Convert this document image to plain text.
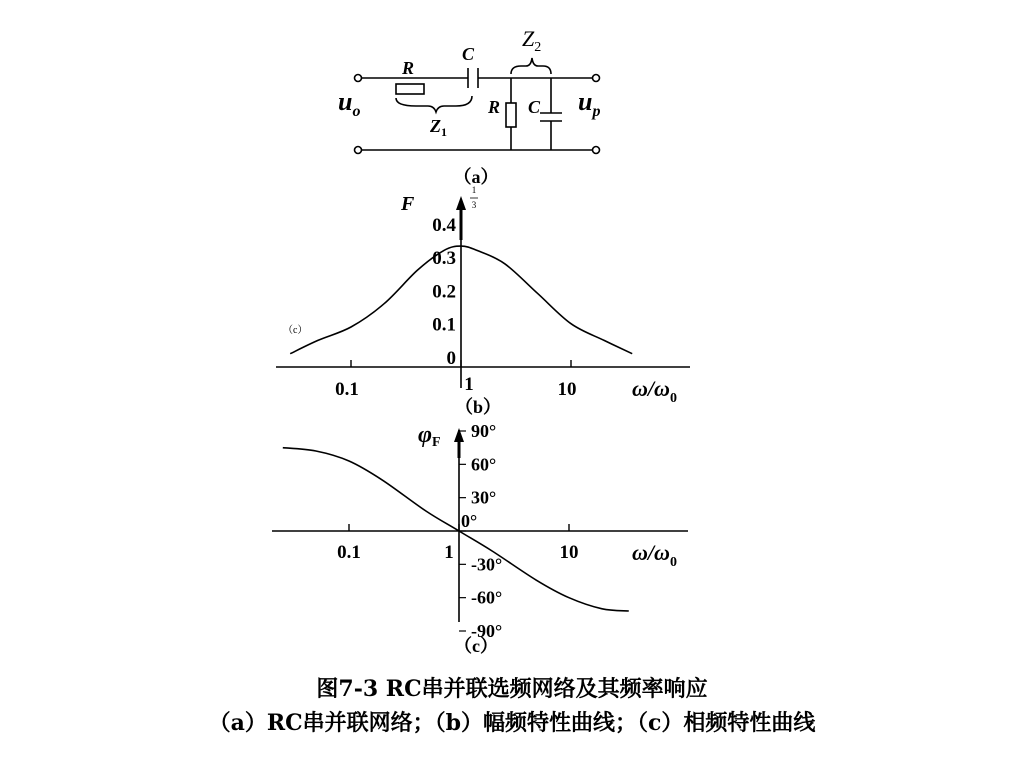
$u_o$	$u_p$
R
C
R C
$Z_1$
$Z_2$
（a）
F
1
3
（c）
0.4
0.3
0.2
0.1
0
0.1	1	10	$\omega/\omega_0$
（b）
φF
90°
60°
30°
0°
-30°
-60°
-90°
0.1	1	10 $\omega/\omega_0$
（c）
图7-3 RC串并联选频网络及其频率响应
（a）RC串并联网络；（b）幅频特性曲线；（c）相频特性曲线
